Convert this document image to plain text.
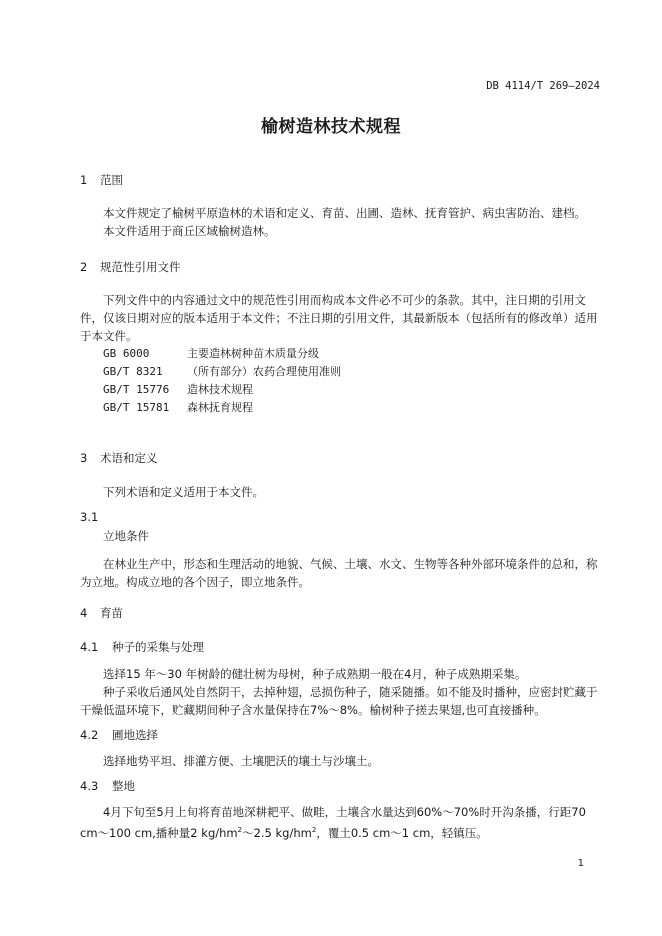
DB 4114/T 269—2024
榆树造林技术规程
1 范围
本文件规定了榆树平原造林的术语和定义、育苗、出圃、造林、抚育管护、病虫害防治、建档。
本文件适用于商丘区域榆树造林。
2 规范性引用文件
下列文件中的内容通过文中的规范性引用而构成本文件必不可少的条款。其中，注日期的引用文件，仅该日期对应的版本适用于本文件；不注日期的引用文件，其最新版本（包括所有的修改单）适用于本文件。
GB 6000	主要造林树种苗木质量分级
GB/T 8321 （所有部分）农药合理使用准则
GB/T 15776 造林技术规程
GB/T 15781 森林抚育规程
3 术语和定义
下列术语和定义适用于本文件。
3.1
立地条件
在林业生产中，形态和生理活动的地貌、气候、土壤、水文、生物等各种外部环境条件的总和，称为立地。构成立地的各个因子，即立地条件。
4 育苗
4.1 种子的采集与处理
选择15 年～30 年树龄的健壮树为母树，种子成熟期一般在4月，种子成熟期采集。
种子采收后通风处自然阴干，去掉种翅，忌损伤种子，随采随播。如不能及时播种，应密封贮藏于干燥低温环境下，贮藏期间种子含水量保持在7%～8%。榆树种子搓去果翅,也可直接播种。
4.2 圃地选择
选择地势平坦、排灌方便、土壤肥沃的壤土与沙壤土。
4.3 整地
4月下旬至5月上旬将育苗地深耕耙平、做畦，土壤含水量达到60%～70%时开沟条播，行距70 cm～100 cm,播种量2 $kg/hm^2\sim 2.5$ $kg/hm^2$，覆土0.5 cm～1 cm，轻镇压。
1
